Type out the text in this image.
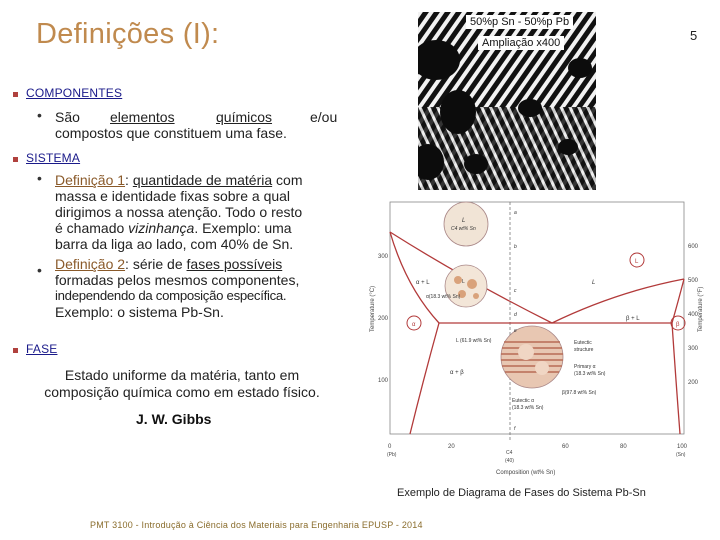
Definições (I):	5
50%p Sn - 50%p Pb
Ampliação x400
COMPONENTES
• São elementos	químicos	e/ou
compostos que constituem uma fase.
SISTEMA
• Definição 1: quantidade de matéria com
massa e identidade fixas sobre a qual
dirigimos a nossa atenção. Todo o resto
é chamado vizinhança. Exemplo: uma
barra da liga ao lado, com 40% de Sn.
Definição 2: série de fases possíveis
formadas pelos mesmos componentes,
independendo da composição específica.
Exemplo: o sistema Pb-Sn.
•
FASE
Estado uniforme da matéria, tanto em
composição química como em estado físico.
J. W. Gibbs
Temperature (°C)	Temperature (°F)
Composition (wt% Sn)
300
200
100
600
500
400
300
200
0
(Pb)
20
C4
(40)
60	80	100
(Sn)
L
C4 wt% Sn
L
α + L
β + L
α + β
a
b
c
d
e
f
α(18.3 wt% Sn)
L (61.9 wt% Sn)	Eutectic
structure
Primary α
(18.3 wt% Sn)
β(97.8 wt% Sn)
Eutectic α
(18.3 wt% Sn)
α	β
L
L
Exemplo de Diagrama de Fases do Sistema Pb-Sn
PMT 3100 - Introdução à Ciência dos Materiais para Engenharia EPUSP - 2014
